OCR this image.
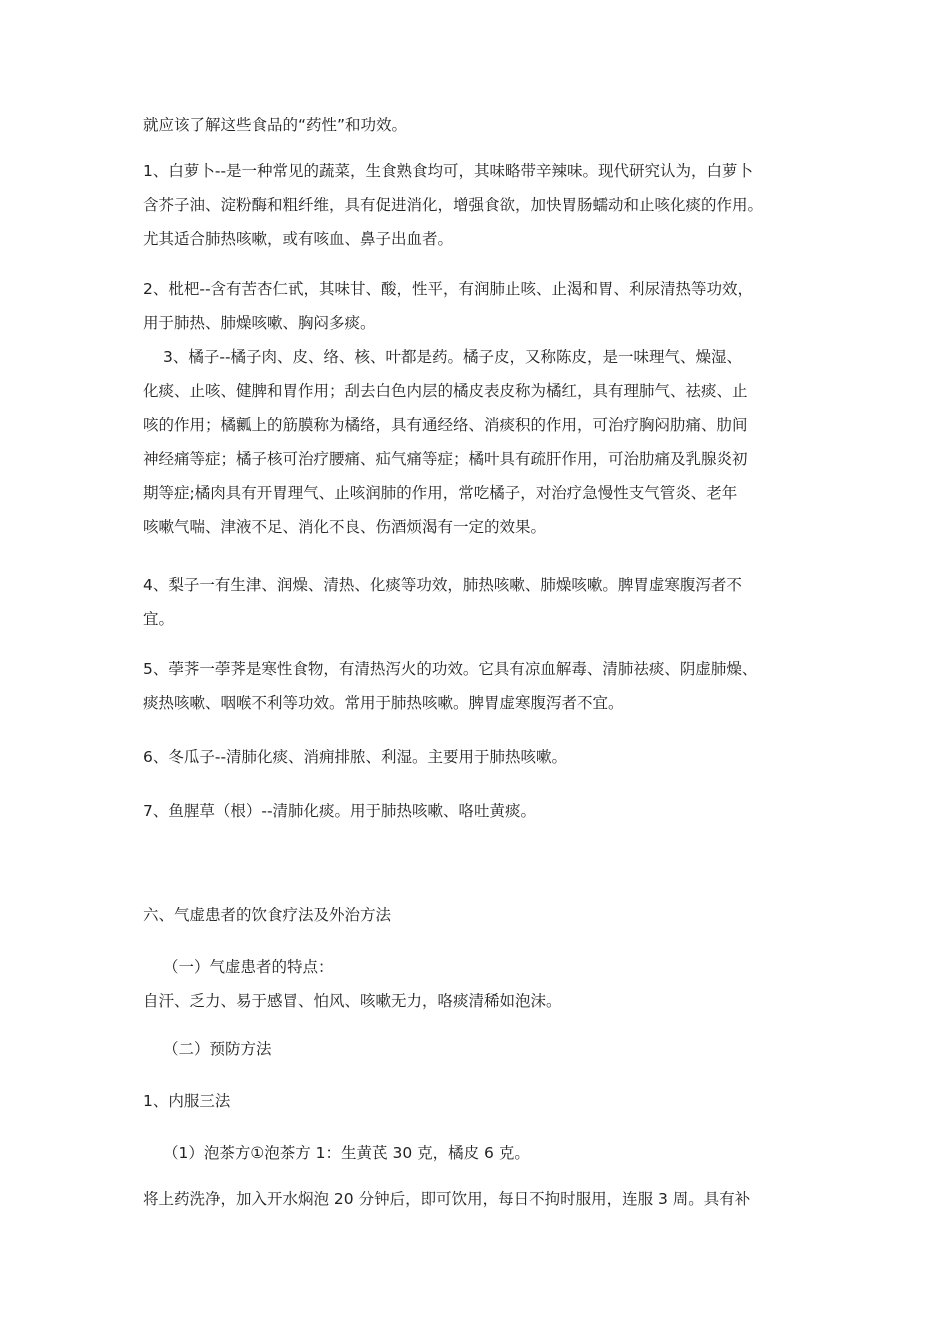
就应该了解这些食品的“药性”和功效。

1、白萝卜--是一种常见的蔬菜，生食熟食均可，其味略带辛辣味。现代研究认为，白萝卜
含芥子油、淀粉酶和粗纤维，具有促进消化，增强食欲，加快胃肠蠕动和止咳化痰的作用。
尤其适合肺热咳嗽，或有咳血、鼻子出血者。

2、枇杷--含有苦杏仁甙，其味甘、酸，性平，有润肺止咳、止渴和胃、利尿清热等功效，
用于肺热、肺燥咳嗽、胸闷多痰。

3、橘子--橘子肉、皮、络、核、叶都是药。橘子皮，又称陈皮，是一味理气、燥湿、
化痰、止咳、健脾和胃作用；刮去白色内层的橘皮表皮称为橘红，具有理肺气、祛痰、止
咳的作用；橘瓤上的筋膜称为橘络，具有通经络、消痰积的作用，可治疗胸闷肋痛、肋间
神经痛等症；橘子核可治疗腰痛、疝气痛等症；橘叶具有疏肝作用，可治肋痛及乳腺炎初
期等症;橘肉具有开胃理气、止咳润肺的作用，常吃橘子，对治疗急慢性支气管炎、老年
咳嗽气喘、津液不足、消化不良、伤酒烦渴有一定的效果。

4、梨子一有生津、润燥、清热、化痰等功效，肺热咳嗽、肺燥咳嗽。脾胃虚寒腹泻者不
宜。

5、荸荠一荸荠是寒性食物，有清热泻火的功效。它具有凉血解毒、清肺祛痰、阴虚肺燥、
痰热咳嗽、咽喉不利等功效。常用于肺热咳嗽。脾胃虚寒腹泻者不宜。

6、冬瓜子--清肺化痰、消痈排脓、利湿。主要用于肺热咳嗽。

7、鱼腥草（根）--清肺化痰。用于肺热咳嗽、咯吐黄痰。

六、气虚患者的饮食疗法及外治方法

（一）气虚患者的特点：
自汗、乏力、易于感冒、怕风、咳嗽无力，咯痰清稀如泡沫。

（二）预防方法

1、内服三法

（1）泡茶方①泡茶方 1：生黄芪 30 克，橘皮 6 克。

将上药洗净，加入开水焖泡 20 分钟后，即可饮用，每日不拘时服用，连服 3 周。具有补
